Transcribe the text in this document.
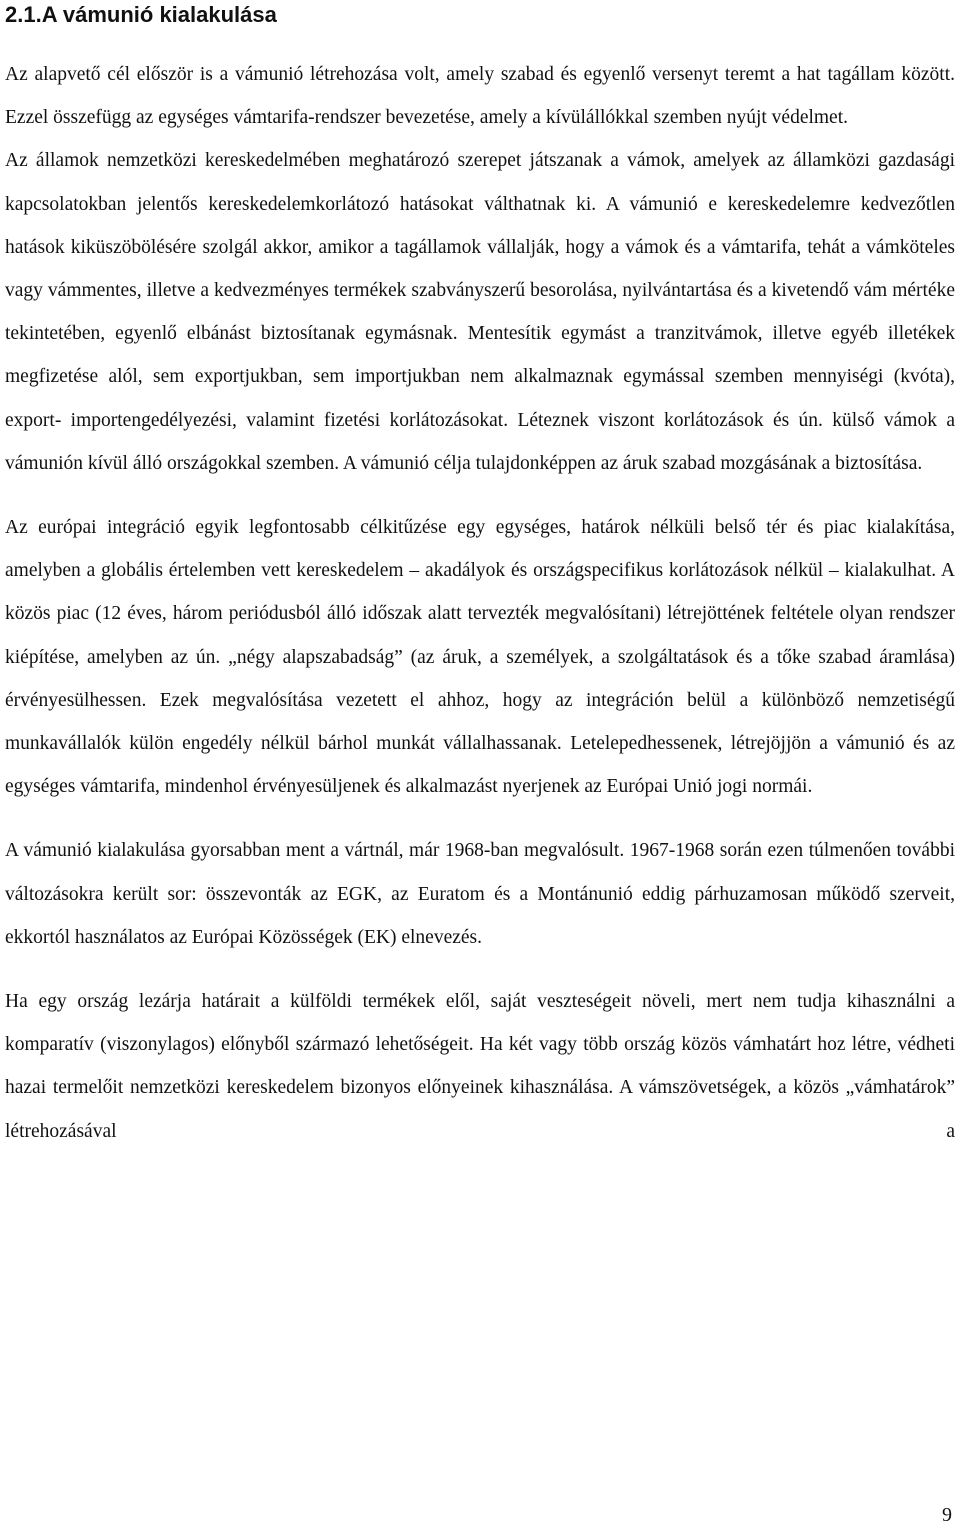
2.1.A vámunió kialakulása

Az alapvető cél először is a vámunió létrehozása volt, amely szabad és egyenlő versenyt teremt a hat tagállam között. Ezzel összefügg az egységes vámtarifa-rendszer bevezetése, amely a kívülállókkal szemben nyújt védelmet.

Az államok nemzetközi kereskedelmében meghatározó szerepet játszanak a vámok, amelyek az államközi gazdasági kapcsolatokban jelentős kereskedelemkorlátozó hatásokat válthatnak ki. A vámunió e kereskedelemre kedvezőtlen hatások kiküszöbölésére szolgál akkor, amikor a tagállamok vállalják, hogy a vámok és a vámtarifa, tehát a vámköteles vagy vámmentes, illetve a kedvezményes termékek szabványszerű besorolása, nyilvántartása és a kivetendő vám mértéke tekintetében, egyenlő elbánást biztosítanak egymásnak. Mentesítik egymást a tranzitvámok, illetve egyéb illetékek megfizetése alól, sem exportjukban, sem importjukban nem alkalmaznak egymással szemben mennyiségi (kvóta), export- importengedélyezési, valamint fizetési korlátozásokat. Léteznek viszont korlátozások és ún. külső vámok a vámunión kívül álló országokkal szemben. A vámunió célja tulajdonképpen az áruk szabad mozgásának a biztosítása.

Az európai integráció egyik legfontosabb célkitűzése egy egységes, határok nélküli belső tér és piac kialakítása, amelyben a globális értelemben vett kereskedelem – akadályok és országspecifikus korlátozások nélkül – kialakulhat. A közös piac (12 éves, három periódusból álló időszak alatt tervezték megvalósítani) létrejöttének feltétele olyan rendszer kiépítése, amelyben az ún. „négy alapszabadság” (az áruk, a személyek, a szolgáltatások és a tőke szabad áramlása) érvényesülhessen. Ezek megvalósítása vezetett el ahhoz, hogy az integráción belül a különböző nemzetiségű munkavállalók külön engedély nélkül bárhol munkát vállalhassanak. Letelepedhessenek, létrejöjjön a vámunió és az egységes vámtarifa, mindenhol érvényesüljenek és alkalmazást nyerjenek az Európai Unió jogi normái.

A vámunió kialakulása gyorsabban ment a vártnál, már 1968-ban megvalósult. 1967-1968 során ezen túlmenően további változásokra került sor: összevonták az EGK, az Euratom és a Montánunió eddig párhuzamosan működő szerveit, ekkortól használatos az Európai Közösségek (EK) elnevezés.

Ha egy ország lezárja határait a külföldi termékek elől, saját veszteségeit növeli, mert nem tudja kihasználni a komparatív (viszonylagos) előnyből származó lehetőségeit. Ha két vagy több ország közös vámhatárt hoz létre, védheti hazai termelőit nemzetközi kereskedelem bizonyos előnyeinek kihasználása. A vámszövetségek, a közös „vámhatárok” létrehozásával a

9
